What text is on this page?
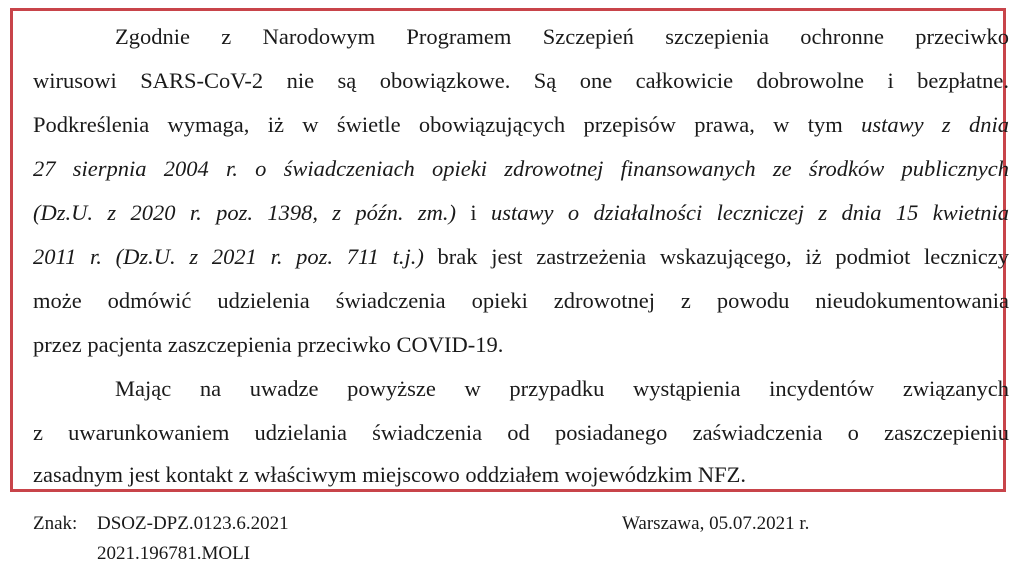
Zgodnie z Narodowym Programem Szczepień szczepienia ochronne przeciwko
wirusowi SARS-CoV-2 nie są obowiązkowe. Są one całkowicie dobrowolne i bezpłatne.
Podkreślenia wymaga, iż w świetle obowiązujących przepisów prawa, w tym ustawy z dnia
27 sierpnia 2004 r. o świadczeniach opieki zdrowotnej finansowanych ze środków publicznych
(Dz.U. z 2020 r. poz. 1398, z późn. zm.) i ustawy o działalności leczniczej z dnia 15 kwietnia
2011 r. (Dz.U. z 2021 r. poz. 711 t.j.) brak jest zastrzeżenia wskazującego, iż podmiot leczniczy
może odmówić udzielenia świadczenia opieki zdrowotnej z powodu nieudokumentowania
przez pacjenta zaszczepienia przeciwko COVID-19.
Mając na uwadze powyższe w przypadku wystąpienia incydentów związanych
z uwarunkowaniem udzielania świadczenia od posiadanego zaświadczenia o zaszczepieniu
zasadnym jest kontakt z właściwym miejscowo oddziałem wojewódzkim NFZ.
Znak: DSOZ-DPZ.0123.6.2021
2021.196781.MOLI
Warszawa, 05.07.2021 r.
